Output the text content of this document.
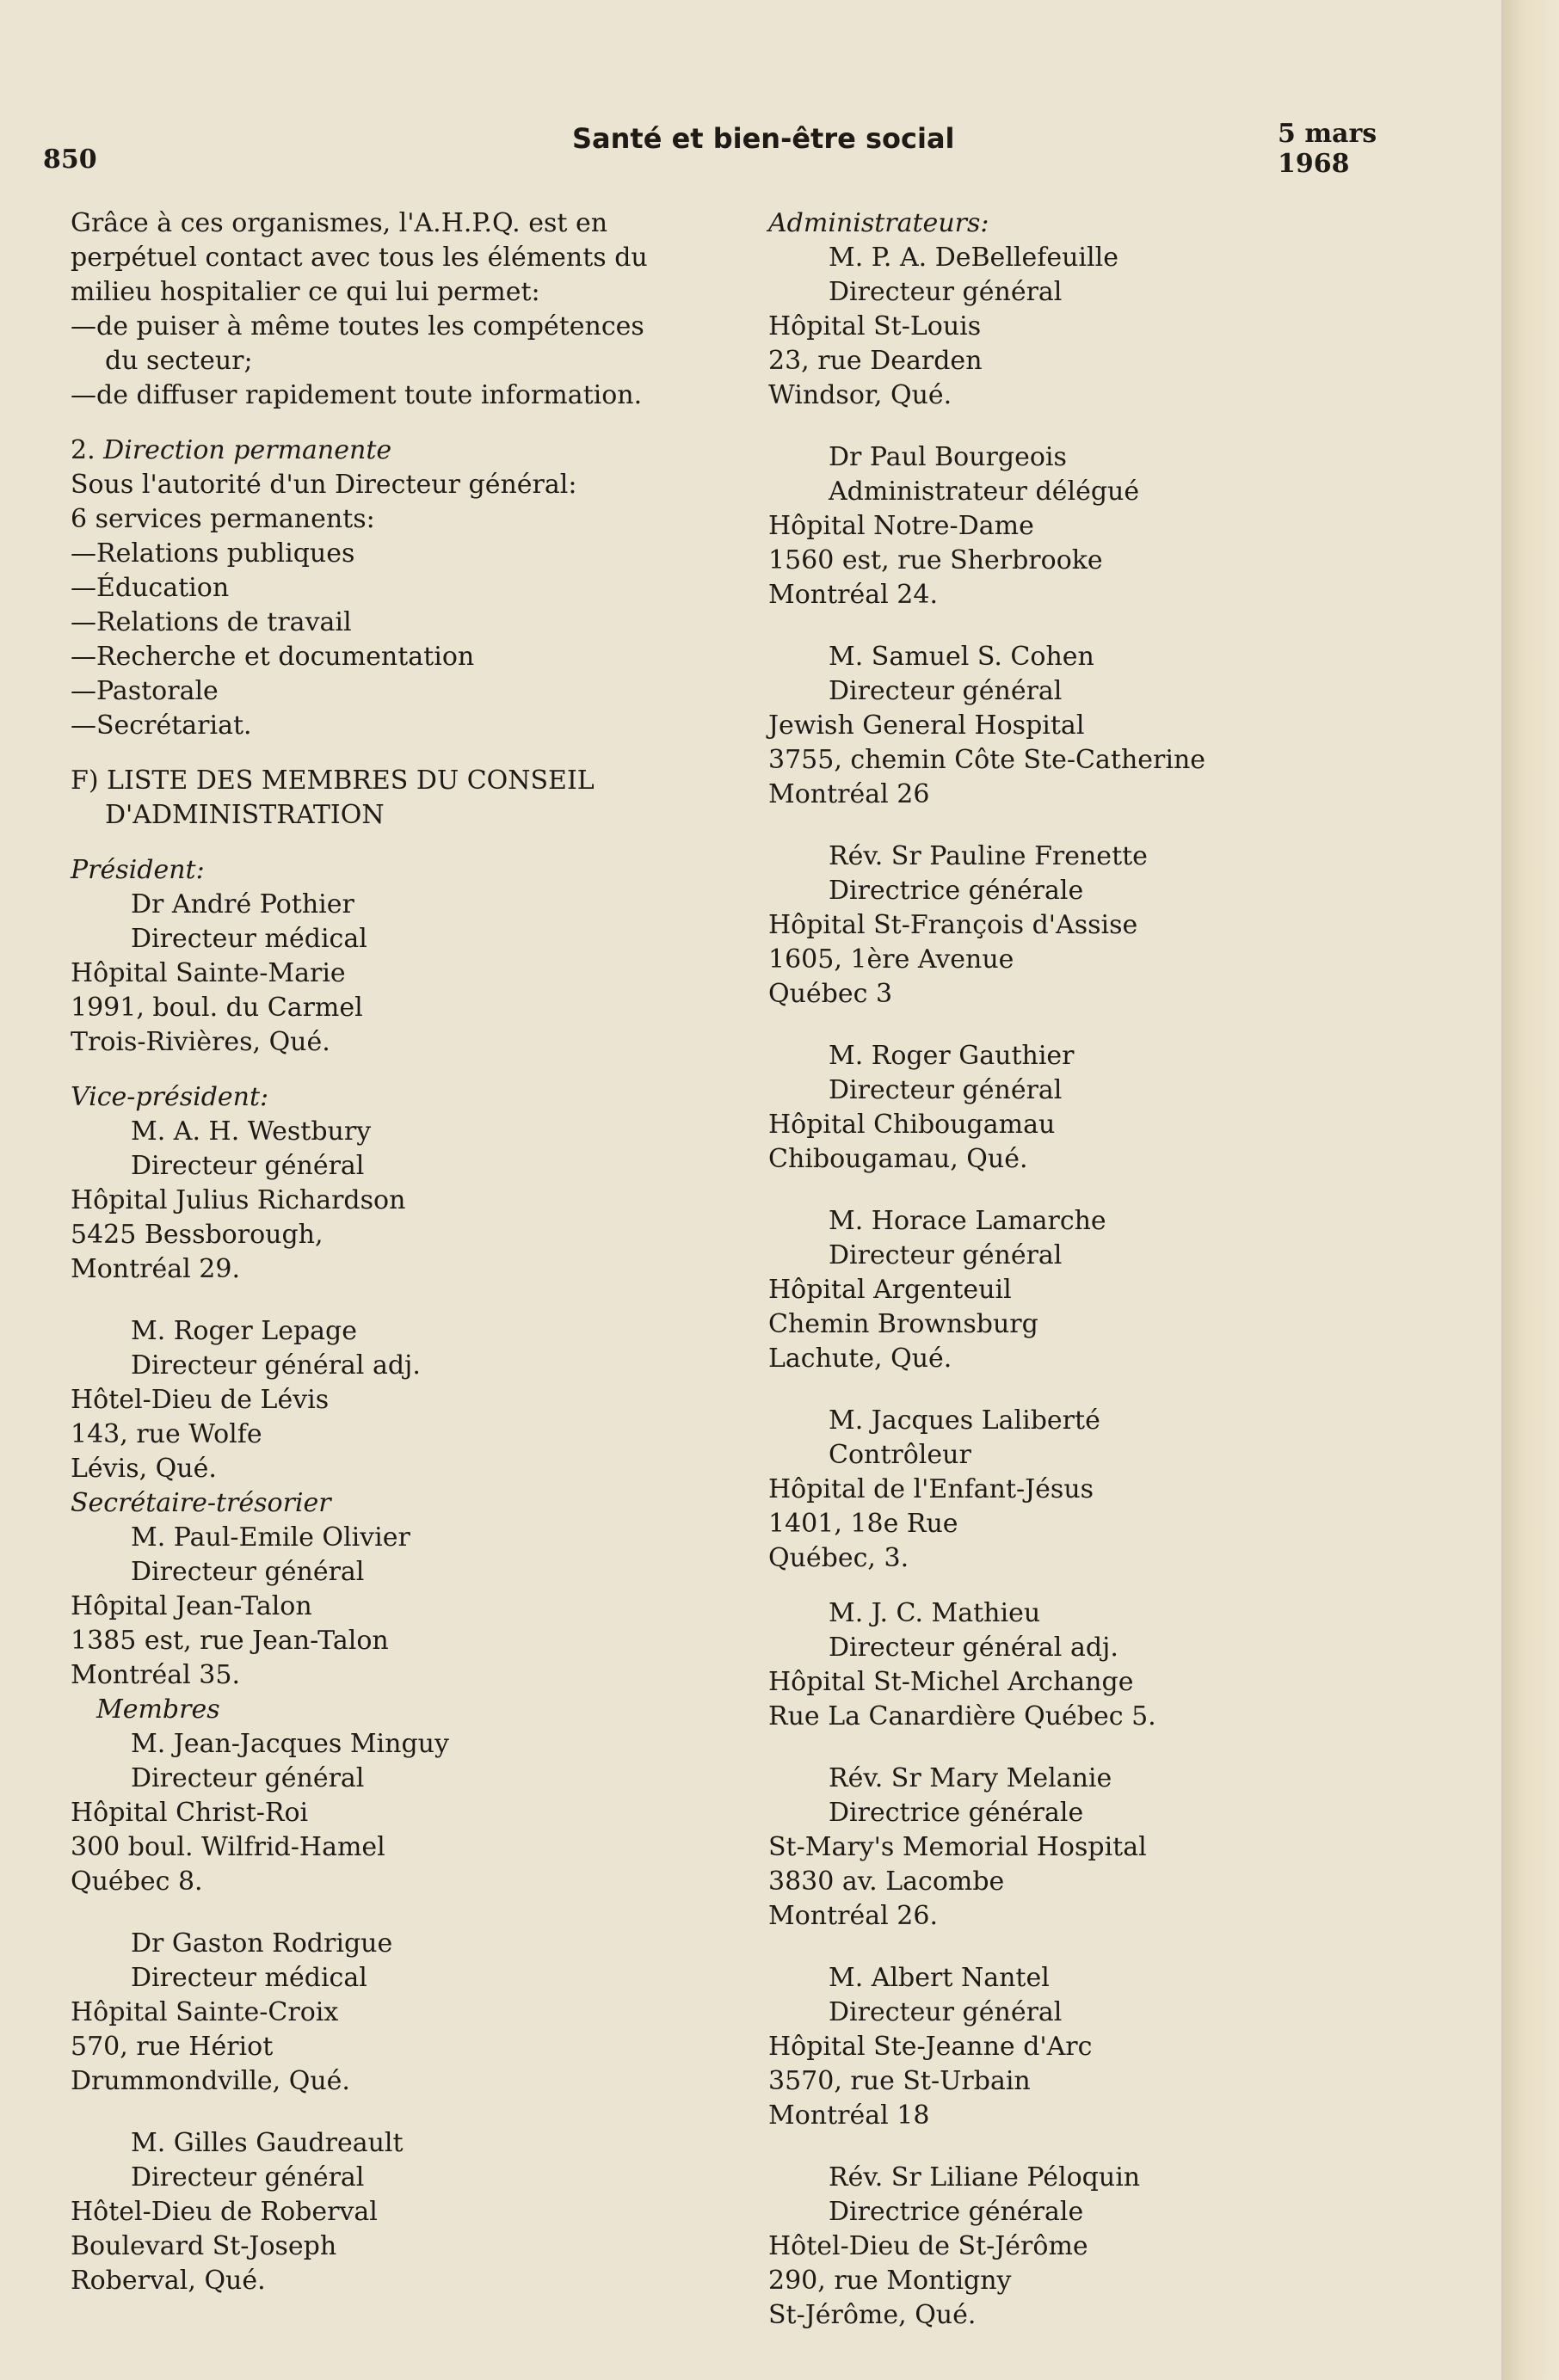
850
Santé et bien-être social	5 mars 1968

Grâce à ces organismes, l'A.H.P.Q. est en

perpétuel contact avec tous les éléments du

milieu hospitalier ce qui lui permet:

—de puiser à même toutes les compétences

du secteur;

—de diffuser rapidement toute information.

2. Direction permanente

Sous l'autorité d'un Directeur général:

6 services permanents:

—Relations publiques

—Éducation

—Relations de travail

—Recherche et documentation

—Pastorale

—Secrétariat.

F) LISTE DES MEMBRES DU CONSEIL

D'ADMINISTRATION

Président:

Dr André Pothier

Directeur médical

Hôpital Sainte-Marie

1991, boul. du Carmel

Trois-Rivières, Qué.

Vice-président:

M. A. H. Westbury

Directeur général

Hôpital Julius Richardson

5425 Bessborough,

Montréal 29.

M. Roger Lepage

Directeur général adj.

Hôtel-Dieu de Lévis

143, rue Wolfe

Lévis, Qué.

Secrétaire-trésorier

M. Paul-Emile Olivier

Directeur général

Hôpital Jean-Talon

1385 est, rue Jean-Talon

Montréal 35.

Membres

M. Jean-Jacques Minguy

Directeur général

Hôpital Christ-Roi

300 boul. Wilfrid-Hamel

Québec 8.

Dr Gaston Rodrigue

Directeur médical

Hôpital Sainte-Croix

570, rue Hériot

Drummondville, Qué.

M. Gilles Gaudreault

Directeur général

Hôtel-Dieu de Roberval

Boulevard St-Joseph

Roberval, Qué.

Administrateurs:

M. P. A. DeBellefeuille

Directeur général

Hôpital St-Louis

23, rue Dearden

Windsor, Qué.

Dr Paul Bourgeois

Administrateur délégué

Hôpital Notre-Dame

1560 est, rue Sherbrooke

Montréal 24.

M. Samuel S. Cohen

Directeur général

Jewish General Hospital

3755, chemin Côte Ste-Catherine

Montréal 26

Rév. Sr Pauline Frenette

Directrice générale

Hôpital St-François d'Assise

1605, 1ère Avenue

Québec 3

M. Roger Gauthier

Directeur général

Hôpital Chibougamau

Chibougamau, Qué.

M. Horace Lamarche

Directeur général

Hôpital Argenteuil

Chemin Brownsburg

Lachute, Qué.

M. Jacques Laliberté

Contrôleur

Hôpital de l'Enfant-Jésus

1401, 18e Rue

Québec, 3.

M. J. C. Mathieu

Directeur général adj.

Hôpital St-Michel Archange

Rue La Canardière Québec 5.

Rév. Sr Mary Melanie

Directrice générale

St-Mary's Memorial Hospital

3830 av. Lacombe

Montréal 26.

M. Albert Nantel

Directeur général

Hôpital Ste-Jeanne d'Arc

3570, rue St-Urbain

Montréal 18

Rév. Sr Liliane Péloquin

Directrice générale

Hôtel-Dieu de St-Jérôme

290, rue Montigny

St-Jérôme, Qué.
